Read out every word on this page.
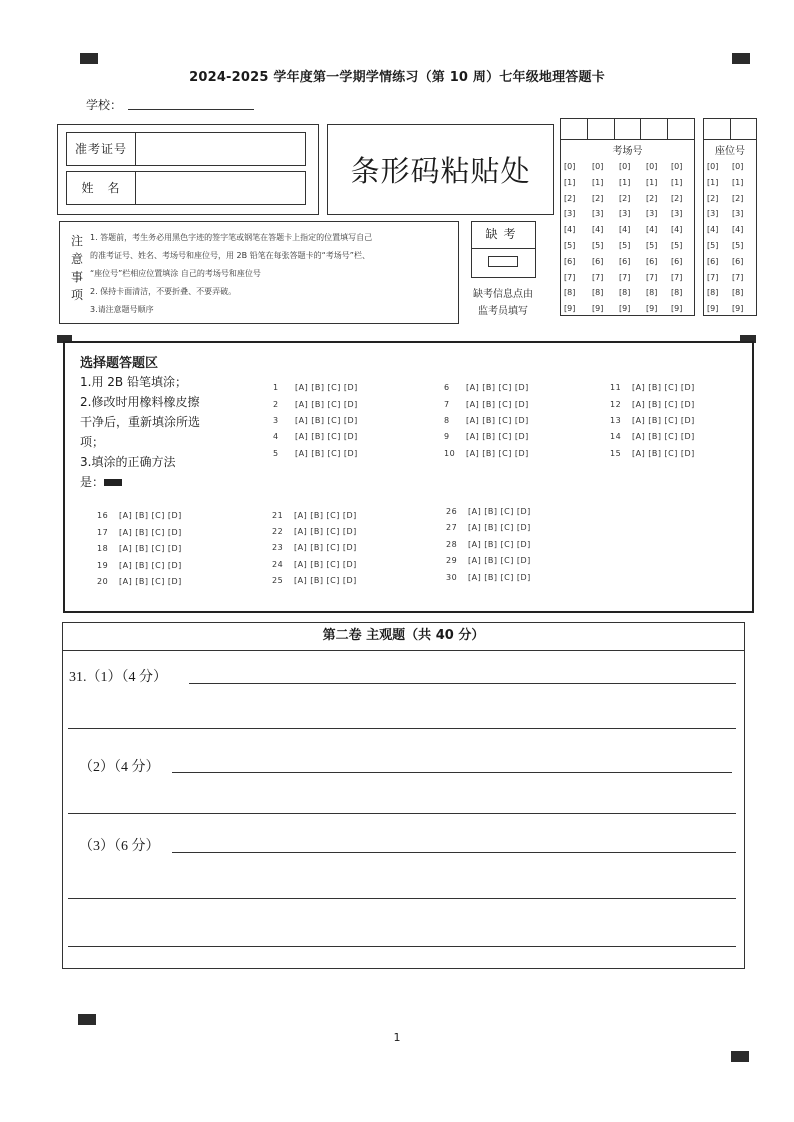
2024-2025 学年度第一学期学情练习（第 10 周）七年级地理答题卡
学校：
准考证号
姓　名	条形码粘贴处
注意事项
1. 答题前，考生务必用黑色字迹的签字笔或钢笔在答题卡上指定的位置填写自己
的准考证号、姓名、考场号和座位号，用 2B 铅笔在每张答题卡的“考场号”栏、
“座位号”栏相应位置填涂 自己的考场号和座位号
2. 保持卡面清洁，不要折叠、不要弄破。
3.请注意题号顺序
缺考
缺考信息点由
监考员填写
考场号
[0]
[1]
[2]
[3]
[4]
[5]
[6]
[7]
[8]
[9]
[0]
[1]
[2]
[3]
[4]
[5]
[6]
[7]
[8]
[9]
[0]
[1]
[2]
[3]
[4]
[5]
[6]
[7]
[8]
[9]
[0]
[1]
[2]
[3]
[4]
[5]
[6]
[7]
[8]
[9]
[0]
[1]
[2]
[3]
[4]
[5]
[6]
[7]
[8]
[9]
座位号
[0]
[1]
[2]
[3]
[4]
[5]
[6]
[7]
[8]
[9]
[0]
[1]
[2]
[3]
[4]
[5]
[6]
[7]
[8]
[9]
选择题答题区
1.用 2B 铅笔填涂；
2.修改时用橡料橡皮擦
干净后，重新填涂所选
项；
3.填涂的正确方法
是：
1 [A] [B] [C] [D]
2 [A] [B] [C] [D]
3 [A] [B] [C] [D]
4 [A] [B] [C] [D]
5 [A] [B] [C] [D]
6 [A] [B] [C] [D]
7 [A] [B] [C] [D]
8 [A] [B] [C] [D]
9 [A] [B] [C] [D]
10 [A] [B] [C] [D]
11 [A] [B] [C] [D]
12 [A] [B] [C] [D]
13 [A] [B] [C] [D]
14 [A] [B] [C] [D]
15 [A] [B] [C] [D]
16 [A] [B] [C] [D]
17 [A] [B] [C] [D]
18 [A] [B] [C] [D]
19 [A] [B] [C] [D]
20 [A] [B] [C] [D]
21 [A] [B] [C] [D]
22 [A] [B] [C] [D]
23 [A] [B] [C] [D]
24 [A] [B] [C] [D]
25 [A] [B] [C] [D]
26 [A] [B] [C] [D]
27 [A] [B] [C] [D]
28 [A] [B] [C] [D]
29 [A] [B] [C] [D]
30 [A] [B] [C] [D]
第二卷 主观题（共 40 分）
31.（1）（4 分）
（2）（4 分）
（3）（6 分）
1
